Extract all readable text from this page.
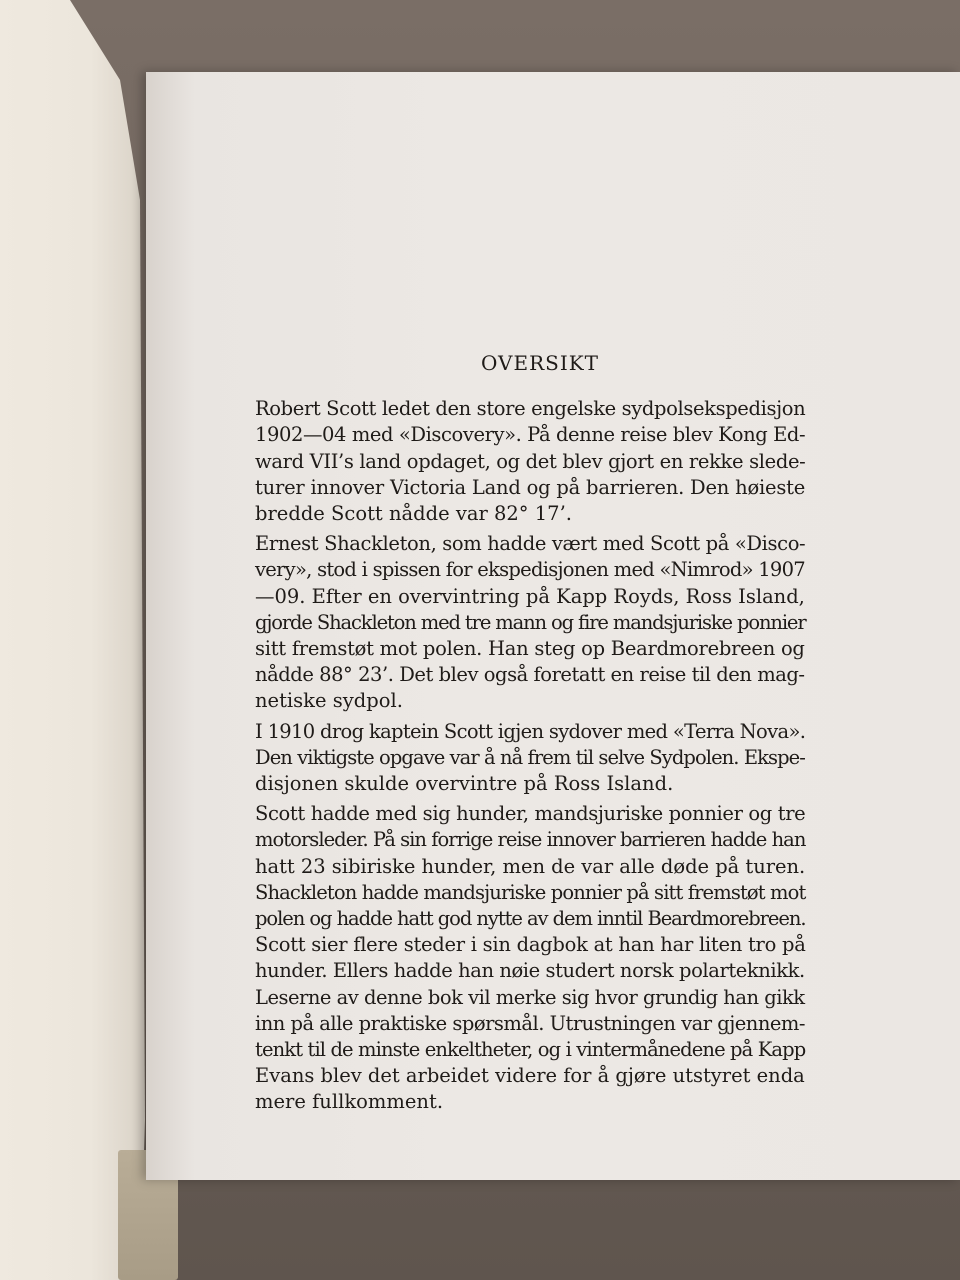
OVERSIKT
Robert Scott ledet den store engelske sydpolsekspedisjon
1902—04 med «Discovery». På denne reise blev Kong Ed-
ward VII’s land opdaget, og det blev gjort en rekke slede-
turer innover Victoria Land og på barrieren. Den høieste
bredde Scott nådde var 82° 17’.
Ernest Shackleton, som hadde vært med Scott på «Disco-
very», stod i spissen for ekspedisjonen med «Nimrod» 1907
—09. Efter en overvintring på Kapp Royds, Ross Island,
gjorde Shackleton med tre mann og fire mandsjuriske ponnier
sitt fremstøt mot polen. Han steg op Beardmorebreen og
nådde 88° 23’. Det blev også foretatt en reise til den mag-
netiske sydpol.
I 1910 drog kaptein Scott igjen sydover med «Terra Nova».
Den viktigste opgave var å nå frem til selve Sydpolen. Ekspe-
disjonen skulde overvintre på Ross Island.
Scott hadde med sig hunder, mandsjuriske ponnier og tre
motorsleder. På sin forrige reise innover barrieren hadde han
hatt 23 sibiriske hunder, men de var alle døde på turen.
Shackleton hadde mandsjuriske ponnier på sitt fremstøt mot
polen og hadde hatt god nytte av dem inntil Beardmorebreen.
Scott sier flere steder i sin dagbok at han har liten tro på
hunder. Ellers hadde han nøie studert norsk polarteknikk.
Leserne av denne bok vil merke sig hvor grundig han gikk
inn på alle praktiske spørsmål. Utrustningen var gjennem-
tenkt til de minste enkeltheter, og i vintermånedene på Kapp
Evans blev det arbeidet videre for å gjøre utstyret enda
mere fullkomment.
